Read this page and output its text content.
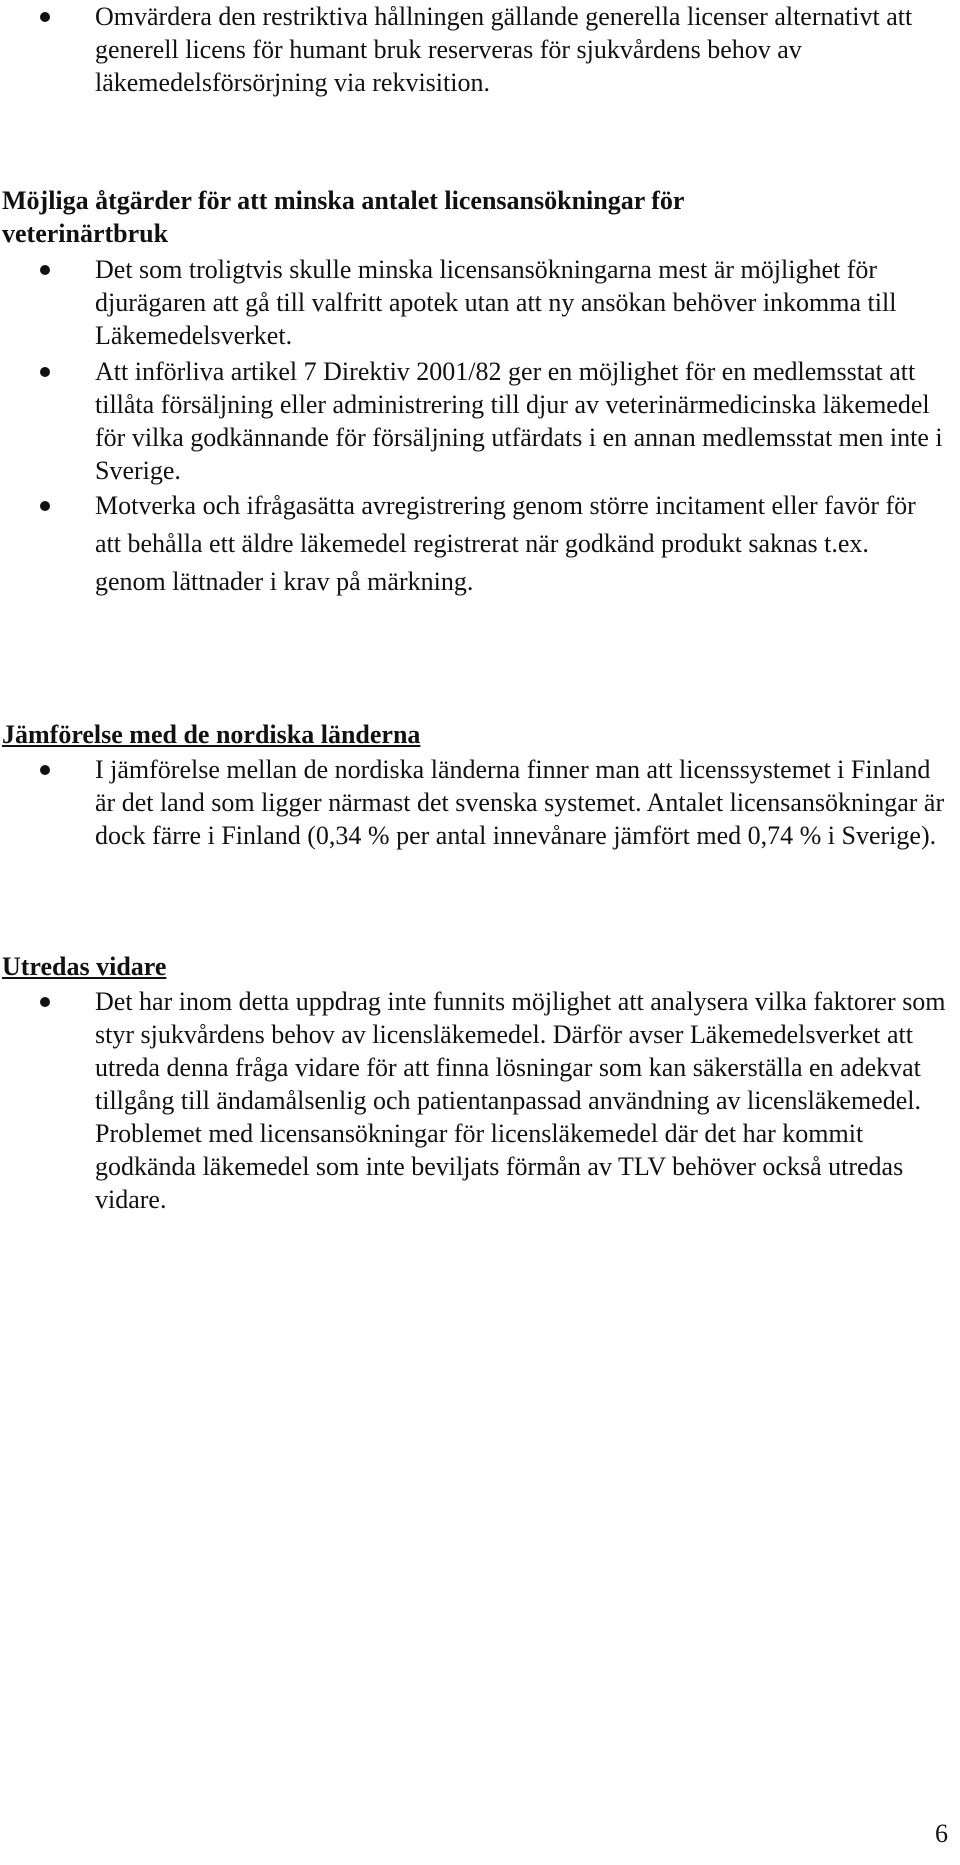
Omvärdera den restriktiva hållningen gällande generella licenser alternativt att generell licens för humant bruk reserveras för sjukvårdens behov av läkemedelsförsörjning via rekvisition.

Möjliga åtgärder för att minska antalet licensansökningar för veterinärtbruk

Det som troligtvis skulle minska licensansökningarna mest är möjlighet för djurägaren att gå till valfritt apotek utan att ny ansökan behöver inkomma till Läkemedelsverket.
Att införliva artikel 7 Direktiv 2001/82 ger en möjlighet för en medlemsstat att tillåta försäljning eller administrering till djur av veterinärmedicinska läkemedel för vilka godkännande för försäljning utfärdats i en annan medlemsstat men inte i Sverige.
Motverka och ifrågasätta avregistrering genom större incitament eller favör för att behålla ett äldre läkemedel registrerat när godkänd produkt saknas t.ex. genom lättnader i krav på märkning.

Jämförelse med de nordiska länderna

I jämförelse mellan de nordiska länderna finner man att licenssystemet i Finland är det land som ligger närmast det svenska systemet. Antalet licensansökningar är dock färre i Finland (0,34 % per antal innevånare jämfört med 0,74 % i Sverige).

Utredas vidare

Det har inom detta uppdrag inte funnits möjlighet att analysera vilka faktorer som styr sjukvårdens behov av licensläkemedel. Därför avser Läkemedelsverket att utreda denna fråga vidare för att finna lösningar som kan säkerställa en adekvat tillgång till ändamålsenlig och patientanpassad användning av licensläkemedel. Problemet med licensansökningar för licensläkemedel där det har kommit godkända läkemedel som inte beviljats förmån av TLV behöver också utredas vidare.
6
